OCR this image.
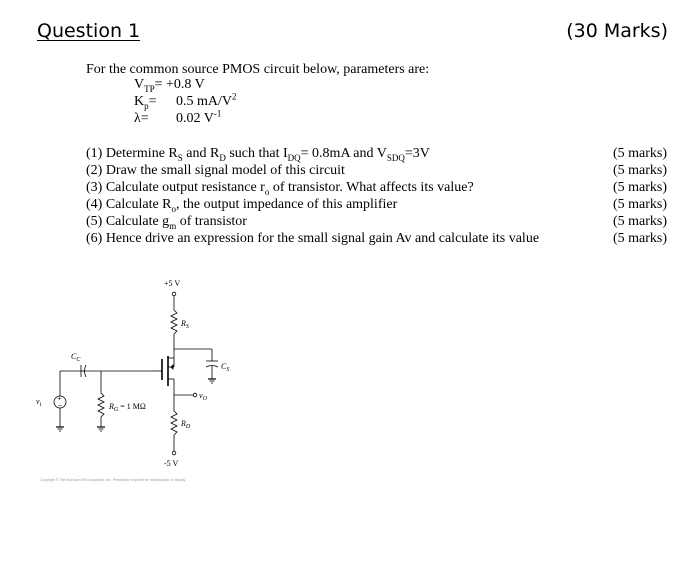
Question 1	(30 Marks)
For the common source PMOS circuit below, parameters are:
$V_{TP}= +0.8$ V
$K_p= 0.5$ $mA/V^2$
λ= 0.02 $V^{-1}$
(1) Determine $R_S$ and $R_D$ such that $I_{DQ}= 0.8mA$ and $V_{SDQ}=3V$
(2) Draw the small signal model of this circuit
(3) Calculate output resistance $r_o$ of transistor. What affects its value?
(4) Calculate $R_o$, the output impedance of this amplifier
(5) Calculate $g_m$ of transistor
(6) Hence drive an expression for the small signal gain Av and calculate its value
(5 marks)
(5 marks)
(5 marks)
(5 marks)
(5 marks)
(5 marks)
+5 V
-5 V
$R_S$
$R_D$
$C_S$
$C_C$
$v_O$
$v_i$
+
–	$R_G = 1$ MΩ
Copyright © The McGraw-Hill Companies, Inc. Permission required for reproduction or display.
